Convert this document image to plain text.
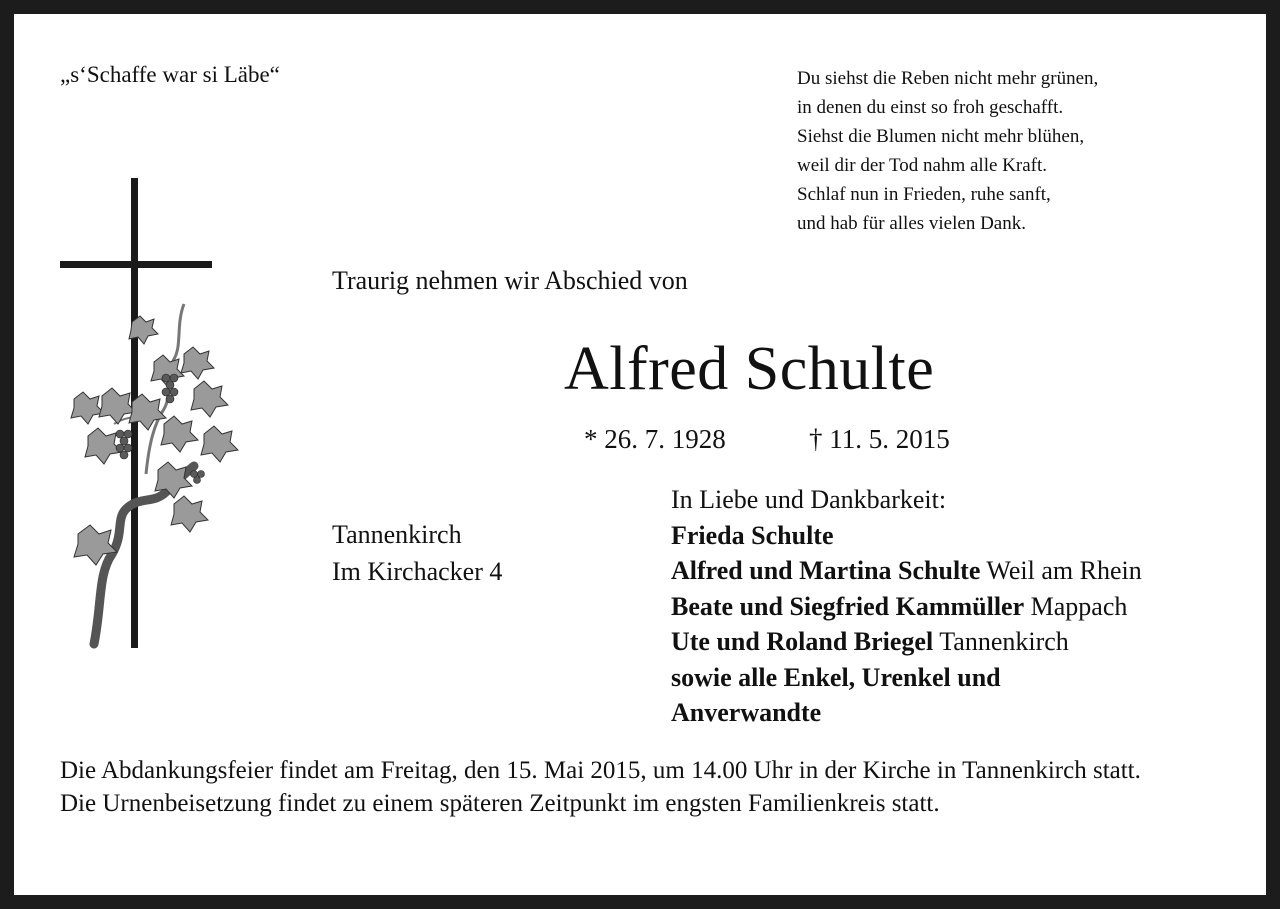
„s‘Schaffe war si Läbe“	Du siehst die Reben nicht mehr grünen,
in denen du einst so froh geschafft.
Siehst die Blumen nicht mehr blühen,
weil dir der Tod nahm alle Kraft.
Schlaf nun in Frieden, ruhe sanft,
und hab für alles vielen Dank.
Traurig nehmen wir Abschied von
Alfred Schulte
* 26. 7. 1928	† 11. 5. 2015
Tannenkirch
Im Kirchacker 4
In Liebe und Dankbarkeit:
Frieda Schulte
Alfred und Martina Schulte Weil am Rhein
Beate und Siegfried Kammüller Mappach
Ute und Roland Briegel Tannenkirch
sowie alle Enkel, Urenkel und
Anverwandte

Die Abdankungsfeier findet am Freitag, den 15. Mai 2015, um 14.00 Uhr in der Kirche in Tannenkirch statt.

Die Urnenbeisetzung findet zu einem späteren Zeitpunkt im engsten Familienkreis statt.
